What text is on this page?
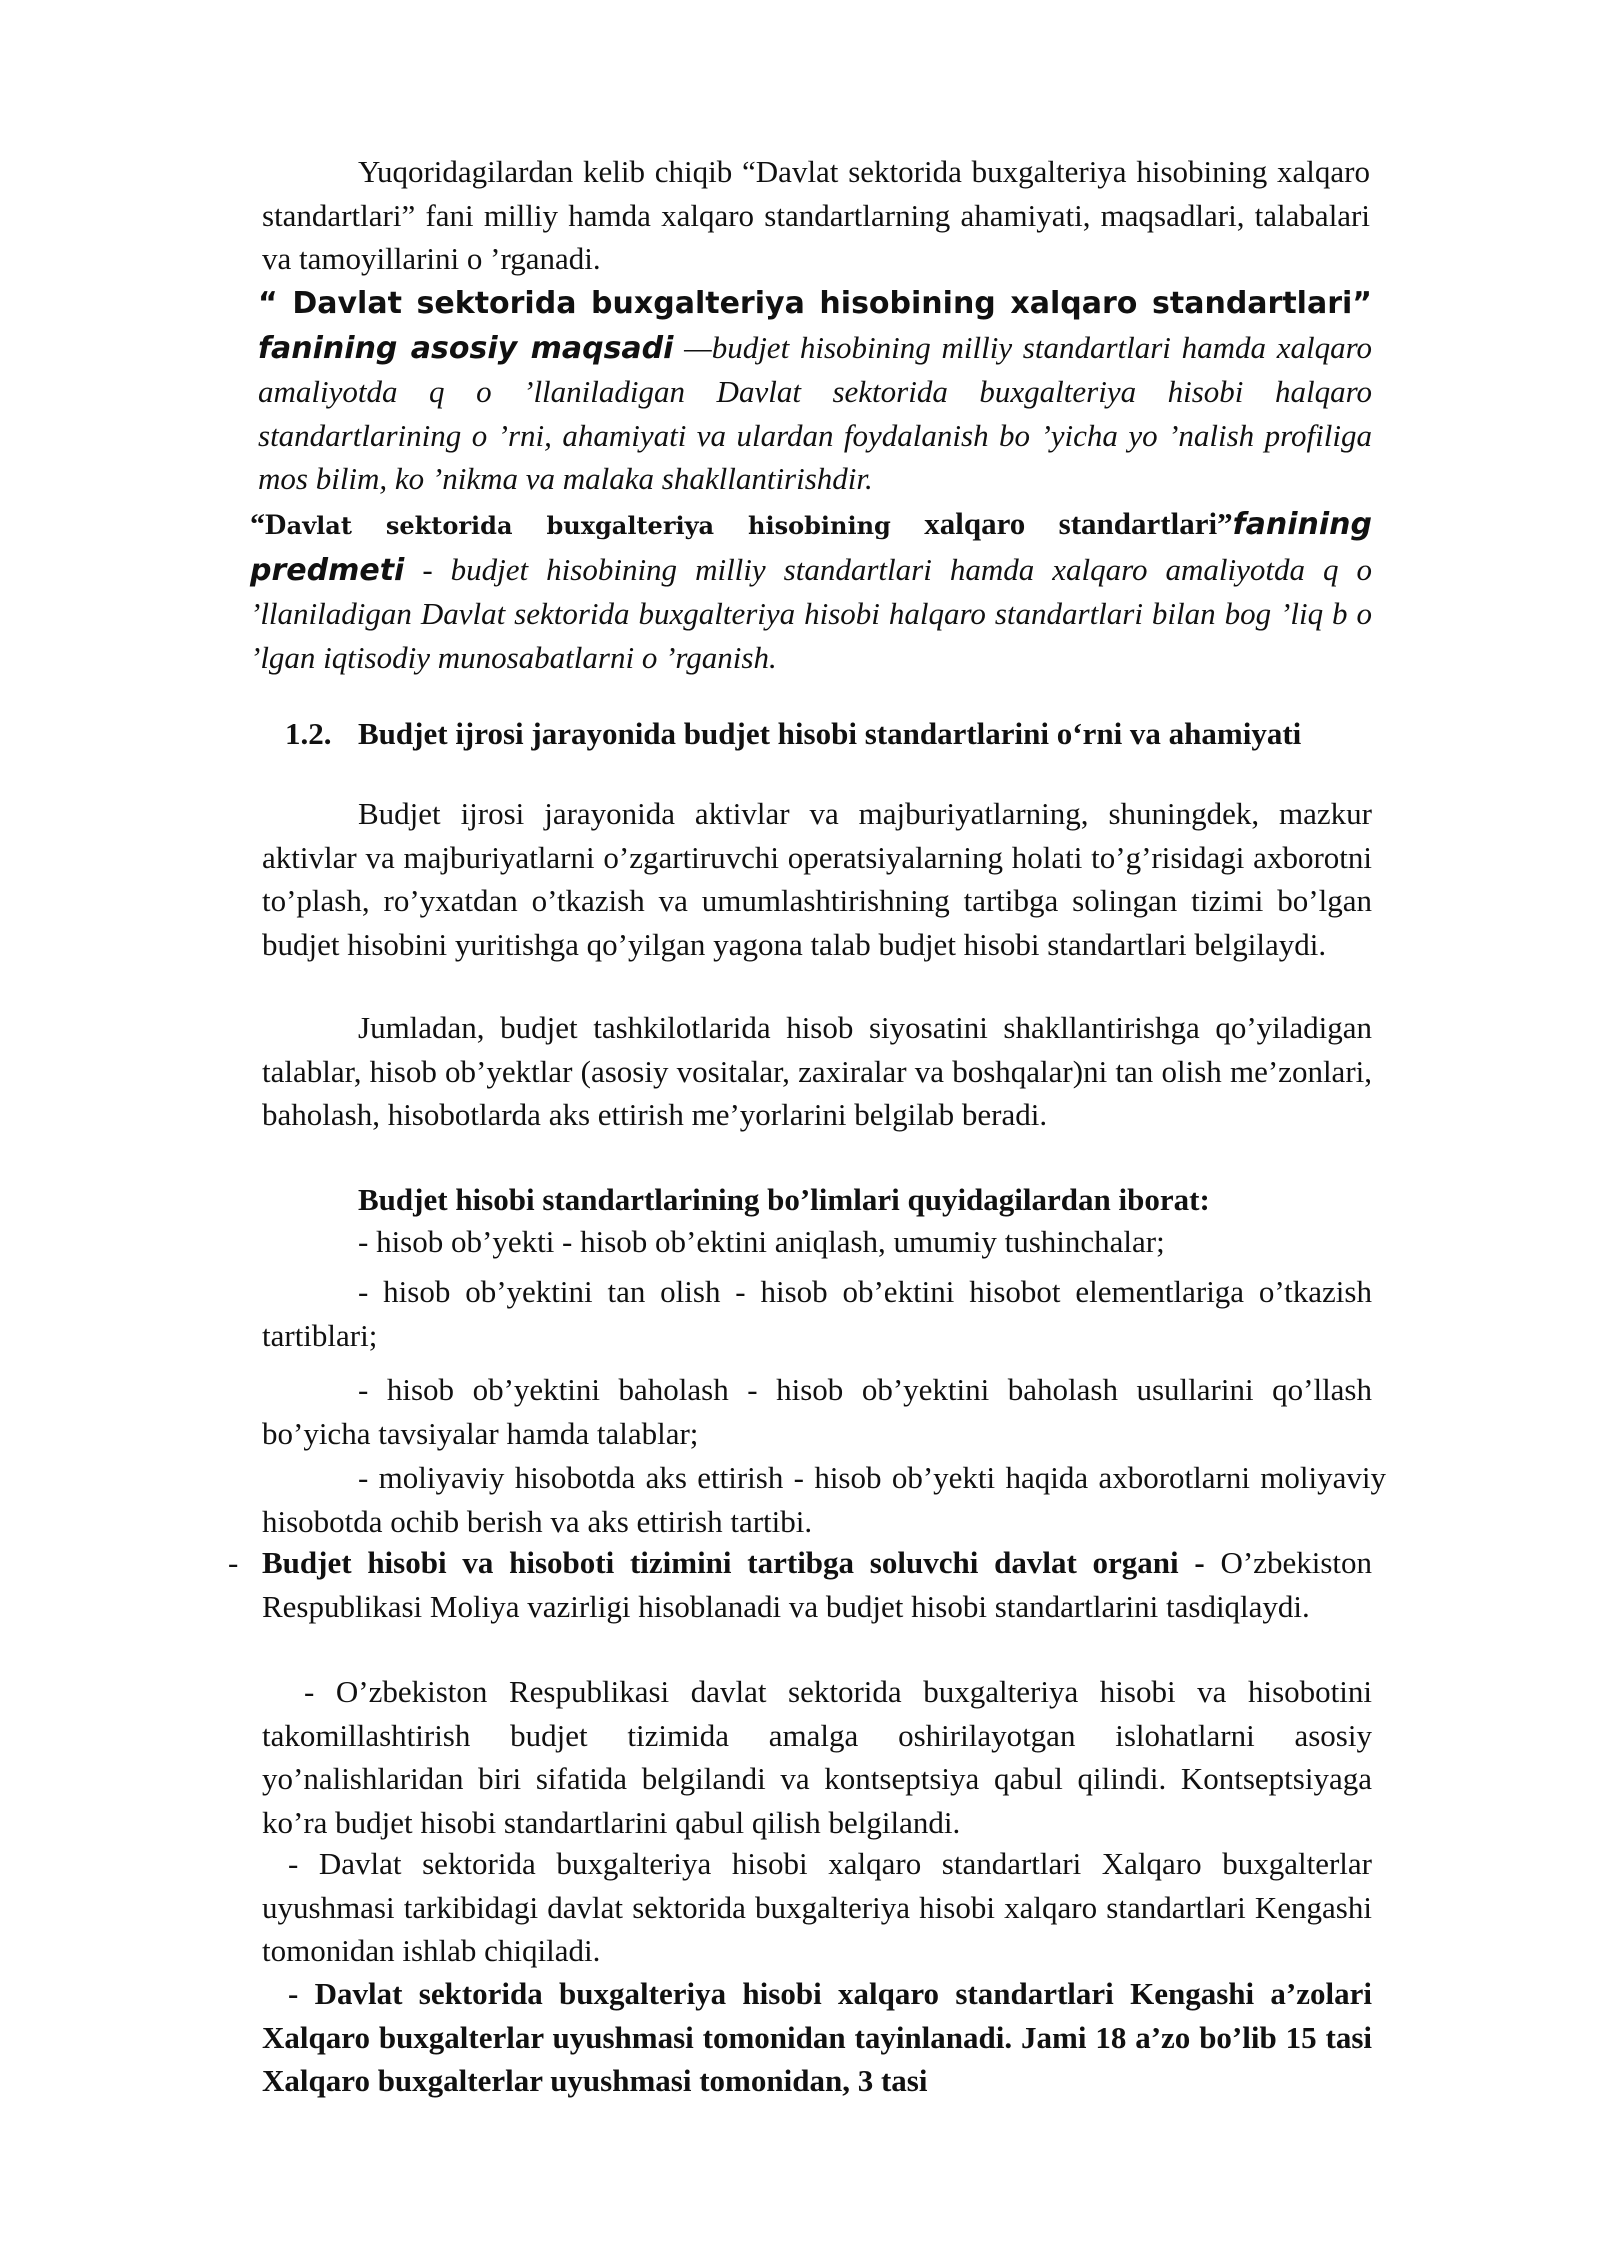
Yuqoridagilardan kelib chiqib “Davlat sektorida buxgalteriya hisobining xalqaro standartlari” fani milliy hamda xalqaro standartlarning ahamiyati, maqsadlari, talabalari va tamoyillarini o ’rganadi.

“ Davlat sektorida buxgalteriya hisobining xalqaro standartlari” fanining asosiy maqsadi —budjet hisobining milliy standartlari hamda xalqaro amaliyotda q o ’llaniladigan Davlat sektorida buxgalteriya hisobi halqaro standartlarining o ’rni, ahamiyati va ulardan foydalanish bo ’yicha yo ’nalish profiliga mos bilim, ko ’nikma va malaka shakllantirishdir.

“Davlat sektorida buxgalteriya hisobining xalqaro standartlari”fanining predmeti - budjet hisobining milliy standartlari hamda xalqaro amaliyotda q o ’llaniladigan Davlat sektorida buxgalteriya hisobi halqaro standartlari bilan bog ’liq b o ’lgan iqtisodiy munosabatlarni o ’rganish.

1.2. Budjet ijrosi jarayonida budjet hisobi standartlarini o‘rni va ahamiyati

Budjet ijrosi jarayonida aktivlar va majburiyatlarning, shuningdek, mazkur aktivlar va majburiyatlarni o’zgartiruvchi operatsiyalarning holati to’g’risidagi axborotni to’plash, ro’yxatdan o’tkazish va umumlashtirishning tartibga solingan tizimi bo’lgan budjet hisobini yuritishga qo’yilgan yagona talab budjet hisobi standartlari belgilaydi.

Jumladan, budjet tashkilotlarida hisob siyosatini shakllantirishga qo’yiladigan talablar, hisob ob’yektlar (asosiy vositalar, zaxiralar va boshqalar)ni tan olish me’zonlari, baholash, hisobotlarda aks ettirish me’yorlarini belgilab beradi.

Budjet hisobi standartlarining bo’limlari quyidagilardan iborat:

- hisob ob’yekti - hisob ob’ektini aniqlash, umumiy tushinchalar;

- hisob ob’yektini tan olish - hisob ob’ektini hisobot elementlariga o’tkazish tartiblari;

- hisob ob’yektini baholash - hisob ob’yektini baholash usullarini qo’llash bo’yicha tavsiyalar hamda talablar;

- moliyaviy hisobotda aks ettirish - hisob ob’yekti haqida axborotlarni moliyaviy hisobotda ochib berish va aks ettirish tartibi.

- Budjet hisobi va hisoboti tizimini tartibga soluvchi davlat organi - O’zbekiston Respublikasi Moliya vazirligi hisoblanadi va budjet hisobi standartlarini tasdiqlaydi.

- O’zbekiston Respublikasi davlat sektorida buxgalteriya hisobi va hisobotini takomillashtirish budjet tizimida amalga oshirilayotgan islohatlarni asosiy yo’nalishlaridan biri sifatida belgilandi va kontseptsiya qabul qilindi. Kontseptsiyaga ko’ra budjet hisobi standartlarini qabul qilish belgilandi.

- Davlat sektorida buxgalteriya hisobi xalqaro standartlari Xalqaro buxgalterlar uyushmasi tarkibidagi davlat sektorida buxgalteriya hisobi xalqaro standartlari Kengashi tomonidan ishlab chiqiladi.

- Davlat sektorida buxgalteriya hisobi xalqaro standartlari Kengashi a’zolari Xalqaro buxgalterlar uyushmasi tomonidan tayinlanadi. Jami 18 a’zo bo’lib 15 tasi Xalqaro buxgalterlar uyushmasi tomonidan, 3 tasi
